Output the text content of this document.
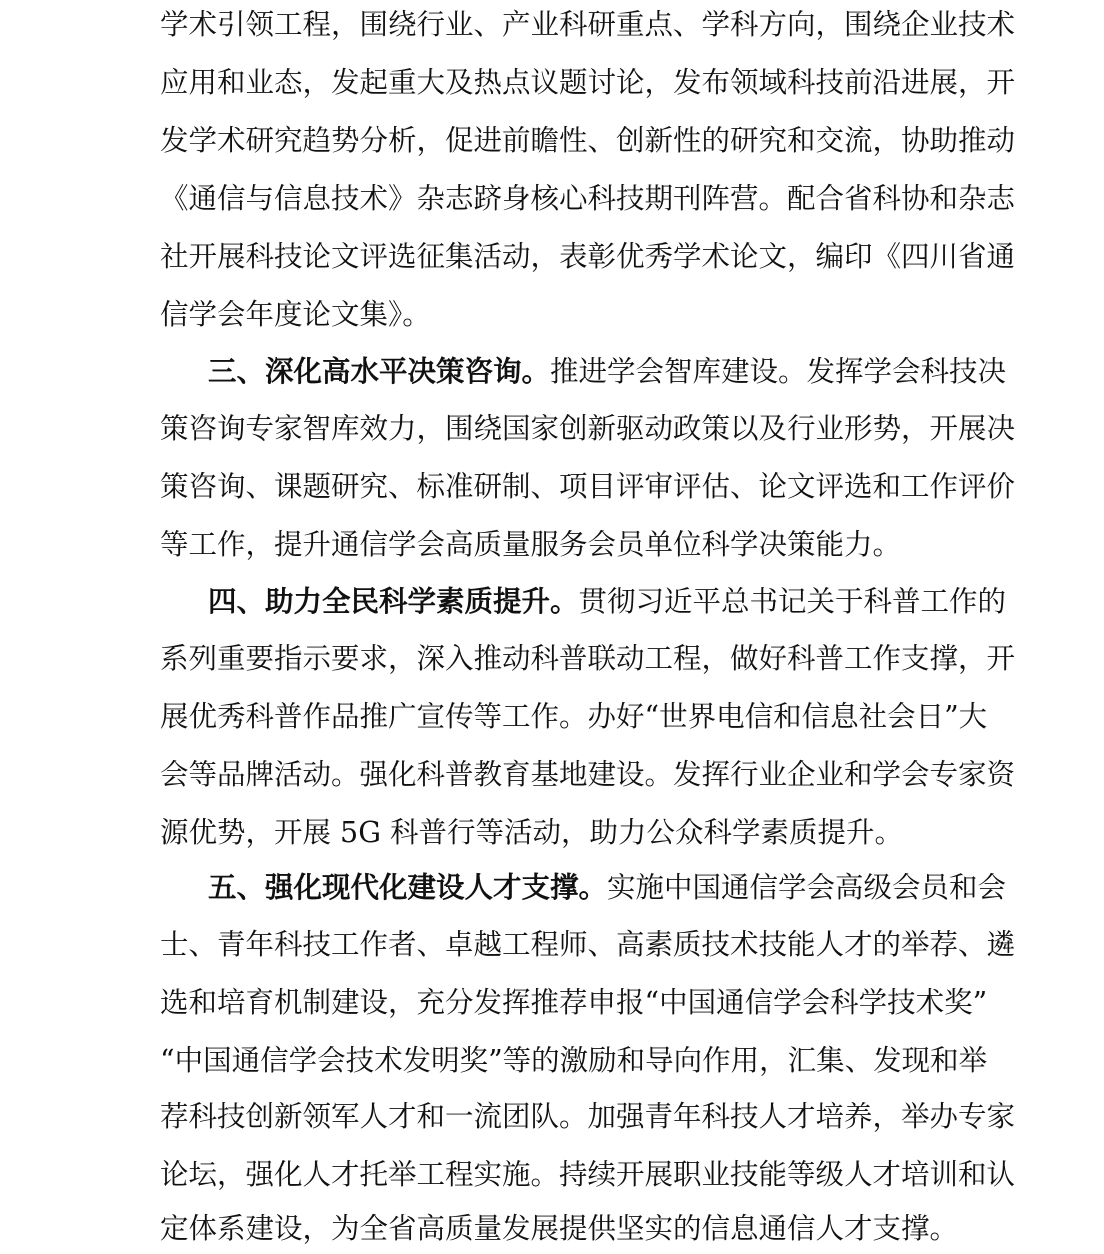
学术引领工程，围绕行业、产业科研重点、学科方向，围绕企业技术
应用和业态，发起重大及热点议题讨论，发布领域科技前沿进展，开
发学术研究趋势分析，促进前瞻性、创新性的研究和交流，协助推动
《通信与信息技术》杂志跻身核心科技期刊阵营。配合省科协和杂志
社开展科技论文评选征集活动，表彰优秀学术论文，编印《四川省通
信学会年度论文集》。
三、深化高水平决策咨询。推进学会智库建设。发挥学会科技决
策咨询专家智库效力，围绕国家创新驱动政策以及行业形势，开展决
策咨询、课题研究、标准研制、项目评审评估、论文评选和工作评价
等工作，提升通信学会高质量服务会员单位科学决策能力。
四、助力全民科学素质提升。贯彻习近平总书记关于科普工作的
系列重要指示要求，深入推动科普联动工程，做好科普工作支撑，开
展优秀科普作品推广宣传等工作。办好“世界电信和信息社会日”大
会等品牌活动。强化科普教育基地建设。发挥行业企业和学会专家资
源优势，开展 5G 科普行等活动，助力公众科学素质提升。
五、强化现代化建设人才支撑。实施中国通信学会高级会员和会
士、青年科技工作者、卓越工程师、高素质技术技能人才的举荐、遴
选和培育机制建设，充分发挥推荐申报“中国通信学会科学技术奖”
“中国通信学会技术发明奖”等的激励和导向作用，汇集、发现和举
荐科技创新领军人才和一流团队。加强青年科技人才培养，举办专家
论坛，强化人才托举工程实施。持续开展职业技能等级人才培训和认
定体系建设，为全省高质量发展提供坚实的信息通信人才支撑。
